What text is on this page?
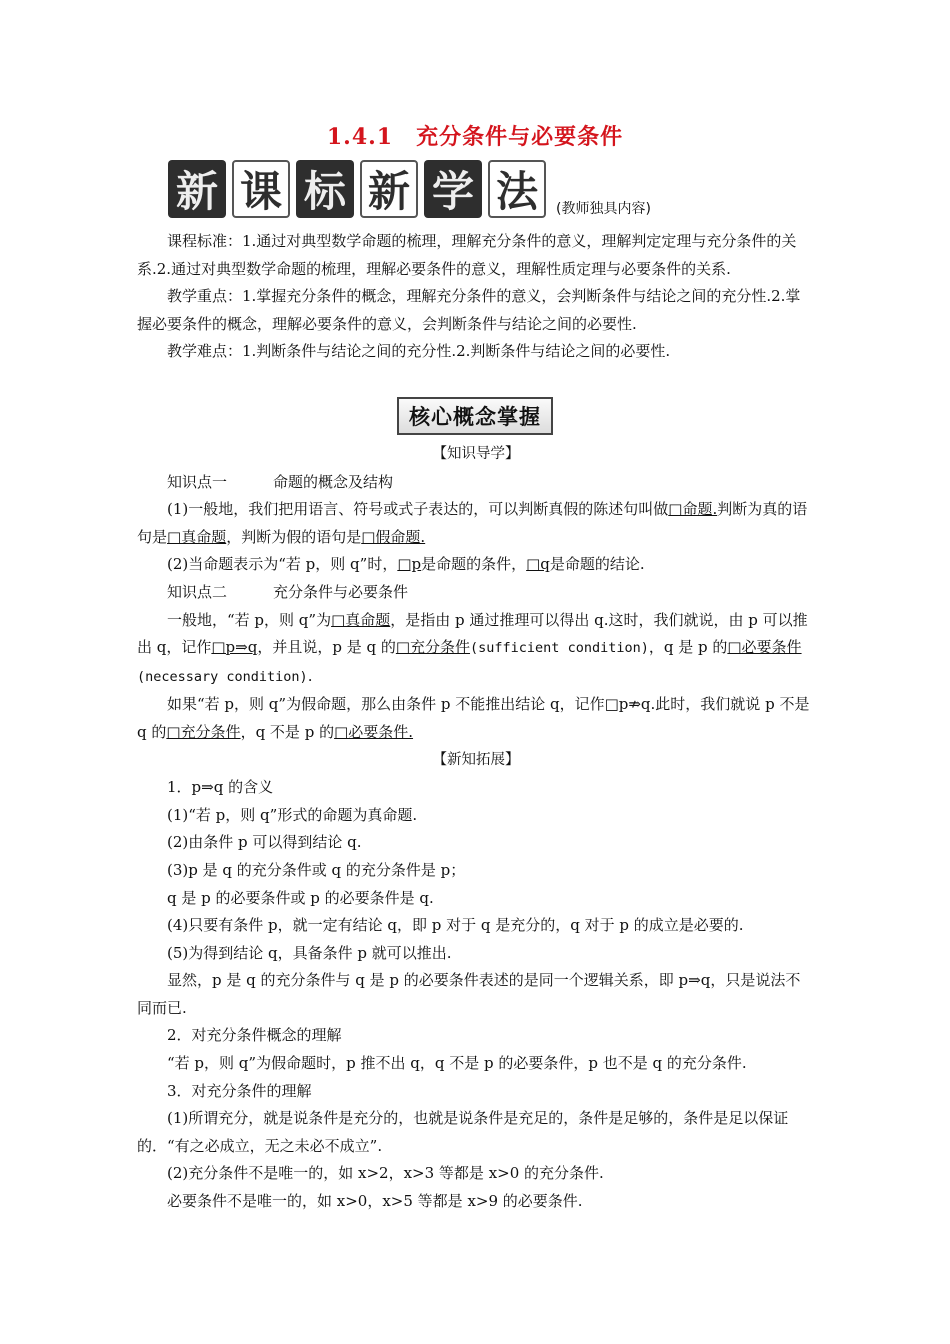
1.4.1　充分条件与必要条件
新 课 标 新 学 法	(教师独具内容)

课程标准：1.通过对典型数学命题的梳理，理解充分条件的意义，理解判定定理与充分条件的关系.2.通过对典型数学命题的梳理，理解必要条件的意义，理解性质定理与必要条件的关系.

教学重点：1.掌握充分条件的概念，理解充分条件的意义，会判断条件与结论之间的充分性.2.掌握必要条件的概念，理解必要条件的意义，会判断条件与结论之间的必要性.

教学难点：1.判断条件与结论之间的充分性.2.判断条件与结论之间的必要性.

核心概念掌握

【知识导学】

知识点一	命题的概念及结构

(1)一般地，我们把用语言、符号或式子表达的，可以判断真假的陈述句叫做□命题.判断为真的语句是□真命题，判断为假的语句是□假命题.

(2)当命题表示为“若 p，则 q”时，□p是命题的条件，□q是命题的结论.

知识点二	充分条件与必要条件

一般地，“若 p，则 q”为□真命题，是指由 p 通过推理可以得出 q.这时，我们就说，由 p 可以推出 q，记作□p⇒q，并且说，p 是 q 的□充分条件(sufficient condition)，q 是 p 的□必要条件(necessary condition).

如果“若 p，则 q”为假命题，那么由条件 p 不能推出结论 q，记作□p⇏q.此时，我们就说 p 不是 q 的□充分条件，q 不是 p 的□必要条件.

【新知拓展】

1．p⇒q 的含义

(1)“若 p，则 q”形式的命题为真命题.

(2)由条件 p 可以得到结论 q.

(3)p 是 q 的充分条件或 q 的充分条件是 p；

q 是 p 的必要条件或 p 的必要条件是 q.

(4)只要有条件 p，就一定有结论 q，即 p 对于 q 是充分的，q 对于 p 的成立是必要的.

(5)为得到结论 q，具备条件 p 就可以推出.

显然，p 是 q 的充分条件与 q 是 p 的必要条件表述的是同一个逻辑关系，即 p⇒q，只是说法不同而已.

2．对充分条件概念的理解

“若 p，则 q”为假命题时，p 推不出 q，q 不是 p 的必要条件，p 也不是 q 的充分条件.

3．对充分条件的理解

(1)所谓充分，就是说条件是充分的，也就是说条件是充足的，条件是足够的，条件是足以保证的．“有之必成立，无之未必不成立”.

(2)充分条件不是唯一的，如 x>2，x>3 等都是 x>0 的充分条件.

必要条件不是唯一的，如 x>0，x>5 等都是 x>9 的必要条件.
